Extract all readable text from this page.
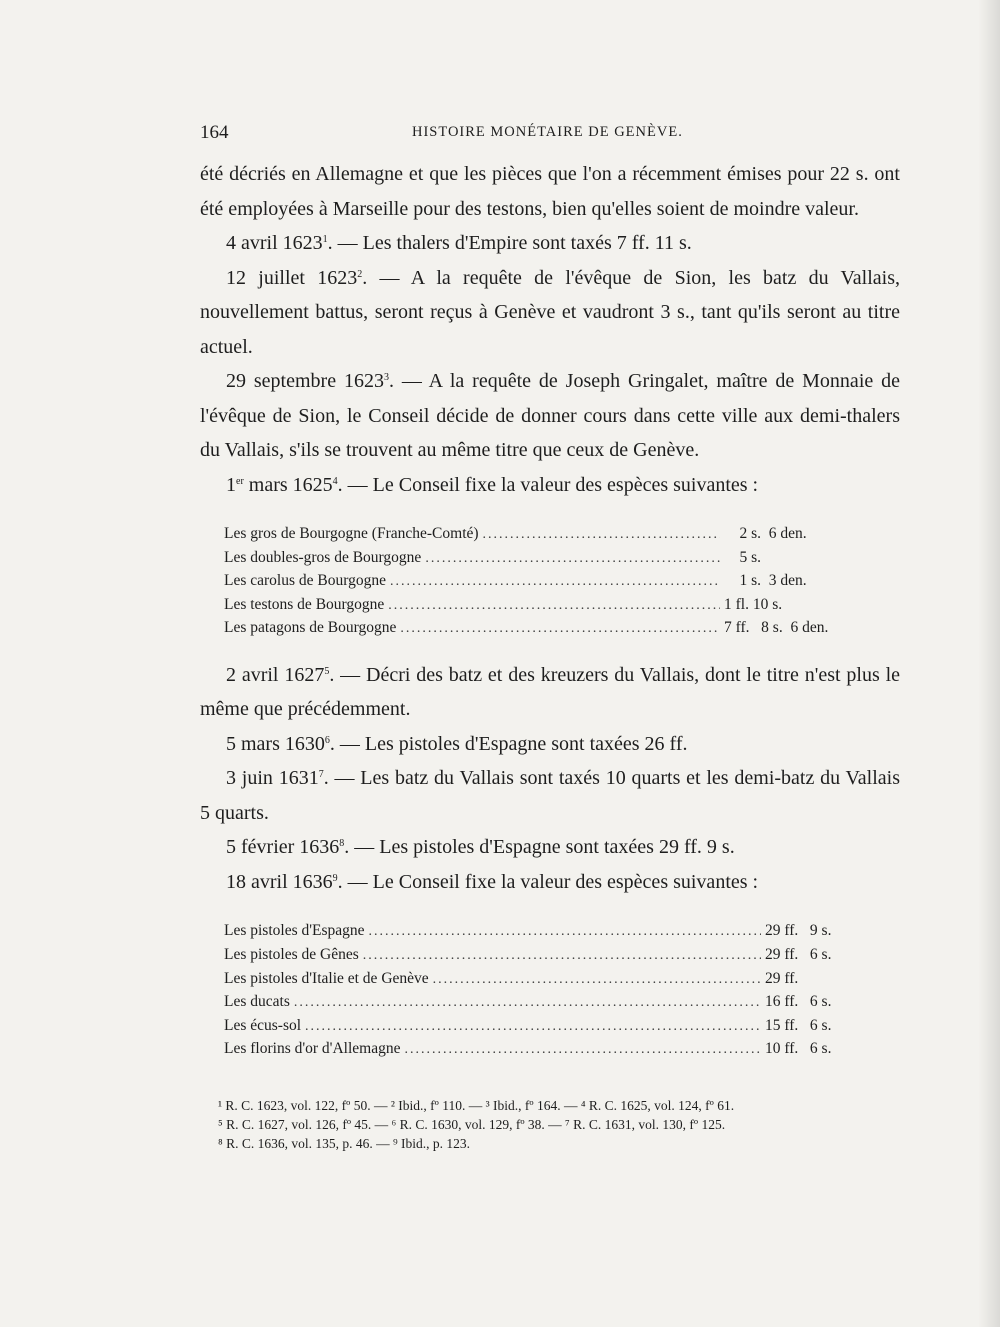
164	HISTOIRE MONÉTAIRE DE GENÈVE.

été décriés en Allemagne et que les pièces que l'on a récemment émises pour 22 s. ont été employées à Marseille pour des testons, bien qu'elles soient de moindre valeur.

4 avril 1623$^1$. — Les thalers d'Empire sont taxés 7 ff. 11 s.

12 juillet 1623$^2$. — A la requête de l'évêque de Sion, les batz du Vallais, nouvellement battus, seront reçus à Genève et vaudront 3 s., tant qu'ils seront au titre actuel.

29 septembre 1623$^3$. — A la requête de Joseph Gringalet, maître de Monnaie de l'évêque de Sion, le Conseil décide de donner cours dans cette ville aux demi-thalers du Vallais, s'ils se trouvent au même titre que ceux de Genève.

1er mars 1625$^4$. — Le Conseil fixe la valeur des espèces suivantes :

Les gros de Bourgogne (Franche-Comté) .....	2 s.  6 den.
Les doubles-gros de Bourgogne .....	5 s.
Les carolus de Bourgogne .....	1 s.  3 den.
Les testons de Bourgogne .....	1 fl. 10 s.
Les patagons de Bourgogne .....	7 ff.   8 s.  6 den.

2 avril 1627$^5$. — Décri des batz et des kreuzers du Vallais, dont le titre n'est plus le même que précédemment.

5 mars 1630$^6$. — Les pistoles d'Espagne sont taxées 26 ff.

3 juin 1631$^7$. — Les batz du Vallais sont taxés 10 quarts et les demi-batz du Vallais 5 quarts.

5 février 1636$^8$. — Les pistoles d'Espagne sont taxées 29 ff. 9 s.

18 avril 1636$^9$. — Le Conseil fixe la valeur des espèces suivantes :

Les pistoles d'Espagne .....	29 ff.   9 s.
Les pistoles de Gênes .....	29 ff.   6 s.
Les pistoles d'Italie et de Genève .....	29 ff.
Les ducats .....	16 ff.   6 s.
Les écus-sol .....	15 ff.   6 s.
Les florins d'or d'Allemagne .....	10 ff.   6 s.
¹ R. C. 1623, vol. 122, fº 50. — ² Ibid., fº 110. — ³ Ibid., fº 164. — ⁴ R. C. 1625, vol. 124, fº 61.
⁵ R. C. 1627, vol. 126, fº 45. — ⁶ R. C. 1630, vol. 129, fº 38. — ⁷ R. C. 1631, vol. 130, fº 125.
⁸ R. C. 1636, vol. 135, p. 46. — ⁹ Ibid., p. 123.
